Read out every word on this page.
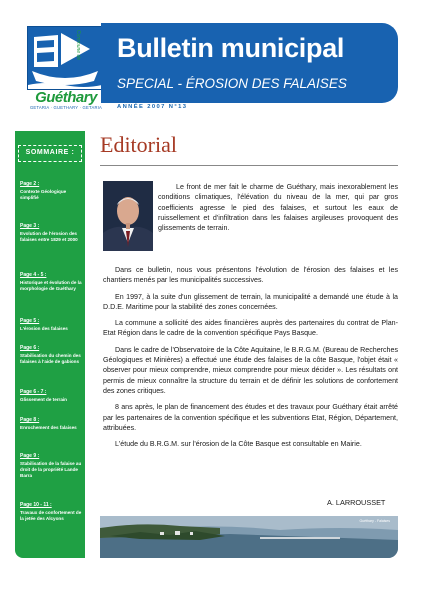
Commune de
Guéthary
GETARIA · GUETHARY · GETARIA
Bulletin municipal
SPECIAL - ÉROSION DES FALAISES
ANNÉE 2007 N°13
SOMMAIRE :
Page 2 :
Contexte Géologique simplifié
Page 3 :
Evolution de l'érosion des falaises entre 1829 et 2000
Page 4 - 5 :
Historique et évolution de la morphologie de Guéthary
Page 5 :
L'érosion des falaises
Page 6 :
Stabilisation du chemin des falaises à l'aide de gabions
Page 6 - 7 :
Glissement de terrain
Page 8 :
Enrochement des falaises
Page 9 :
Stabilisation de la falaise au droit de la propriété Lande Barra
Page 10 - 11 :
Travaux de confortement de la jetée des Alcyons
Editorial

Le front de mer fait le charme de Guéthary, mais inexorablement les conditions climatiques, l'élévation du niveau de la mer, qui par gros coefficients agresse le pied des falaises, et surtout les eaux de ruissellement et d'infiltration dans les falaises argileuses provoquent des glissements de terrain.

Dans ce bulletin, nous vous présentons l'évolution de l'érosion des falaises et les chantiers menés par les municipalités successives.

En 1997, à la suite d'un glissement de terrain, la municipalité a demandé une étude à la D.D.E. Maritime pour la stabilité des zones concernées.

La commune a sollicité des aides financières auprès des partenaires du contrat de Plan-Etat Région dans le cadre de la convention spécifique Pays Basque.

Dans le cadre de l'Observatoire de la Côte Aquitaine, le B.R.G.M. (Bureau de Recherches Géologiques et Minières) a effectué une étude des falaises de la côte Basque, l'objet était « observer pour mieux comprendre, mieux comprendre pour mieux décider ». Les résultats ont permis de mieux connaître la structure du terrain et de définir les solutions de confortement des zones critiques.

8 ans après, le plan de financement des études et des travaux pour Guéthary était arrêté par les partenaires de la convention spécifique et les subventions Etat, Région, Département, attribuées.

L'étude du B.R.G.M. sur l'érosion de la Côte Basque est consultable en Mairie.

A. LARROUSSET
Guéthary - Falaises
